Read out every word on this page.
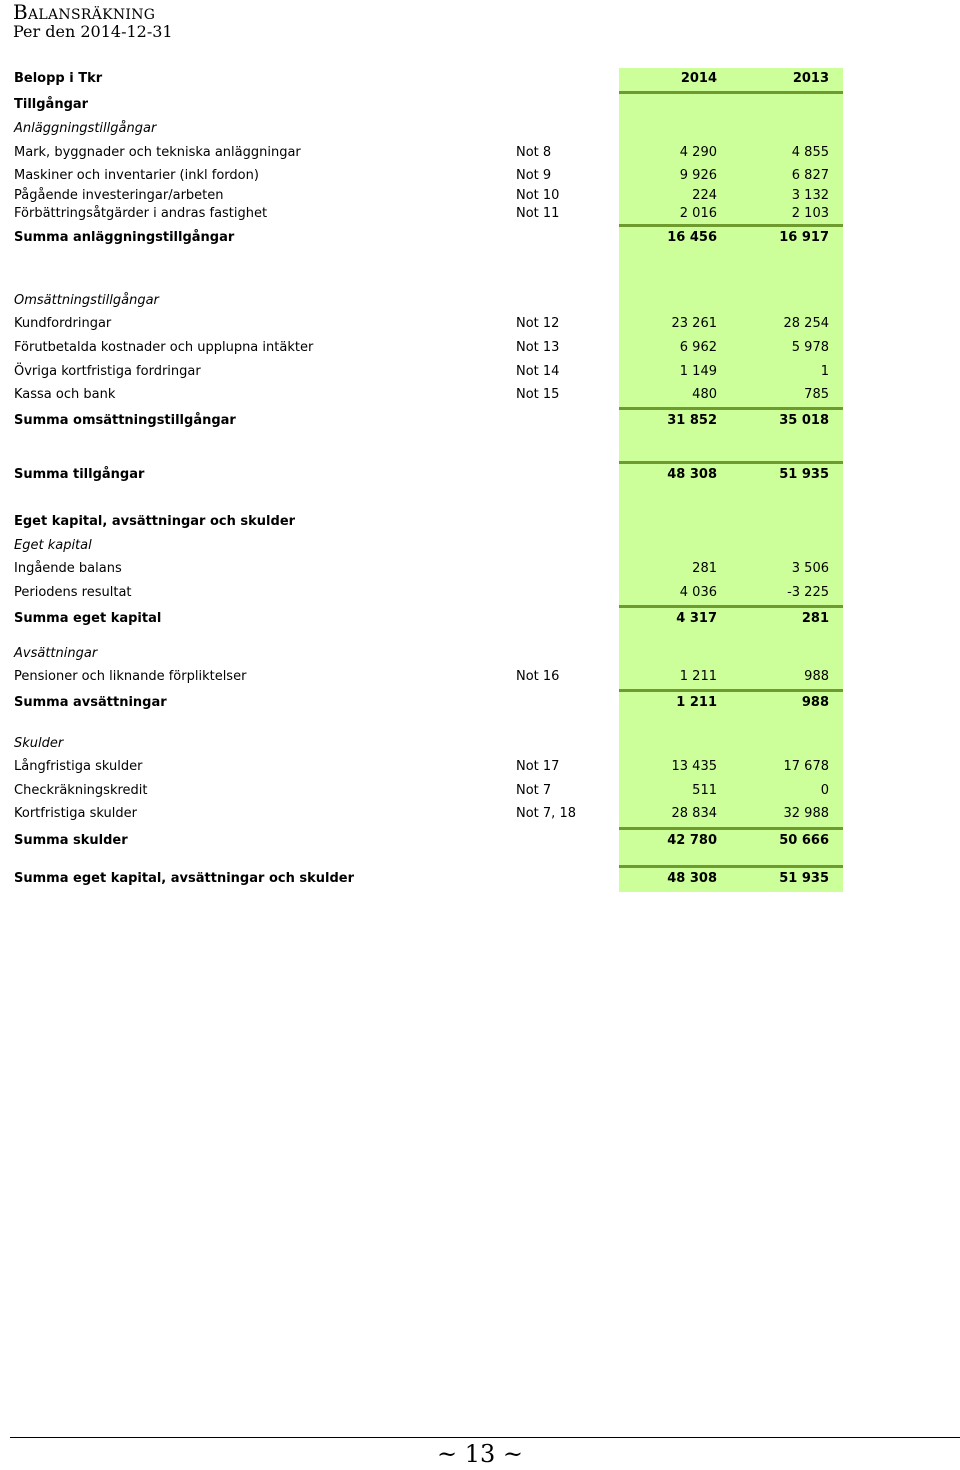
Balansräkning
Per den 2014-12-31
Belopp i Tkr	2014	2013
Tillgångar
Anläggningstillgångar
Mark, byggnader och tekniska anläggningar	Not 8	4 290	4 855
Maskiner och inventarier (inkl fordon)	Not 9	9 926	6 827
Pågående investeringar/arbeten	Not 10	224	3 132
Förbättringsåtgärder i andras fastighet	Not 11	2 016	2 103
Summa anläggningstillgångar	16 456	16 917
Omsättningstillgångar
Kundfordringar	Not 12	23 261	28 254
Förutbetalda kostnader och upplupna intäkter	Not 13	6 962	5 978
Övriga kortfristiga fordringar	Not 14	1 149	1
Kassa och bank	Not 15	480	785
Summa omsättningstillgångar	31 852	35 018
Summa tillgångar	48 308	51 935
Eget kapital, avsättningar och skulder
Eget kapital
Ingående balans	281	3 506
Periodens resultat	4 036	-3 225
Summa eget kapital	4 317	281
Avsättningar
Pensioner och liknande förpliktelser	Not 16	1 211	988
Summa avsättningar	1 211	988
Skulder
Långfristiga skulder	Not 17	13 435	17 678
Checkräkningskredit	Not 7	511	0
Kortfristiga skulder	Not 7, 18	28 834	32 988
Summa skulder	42 780	50 666
Summa eget kapital, avsättningar och skulder	48 308	51 935
~ 13 ~
